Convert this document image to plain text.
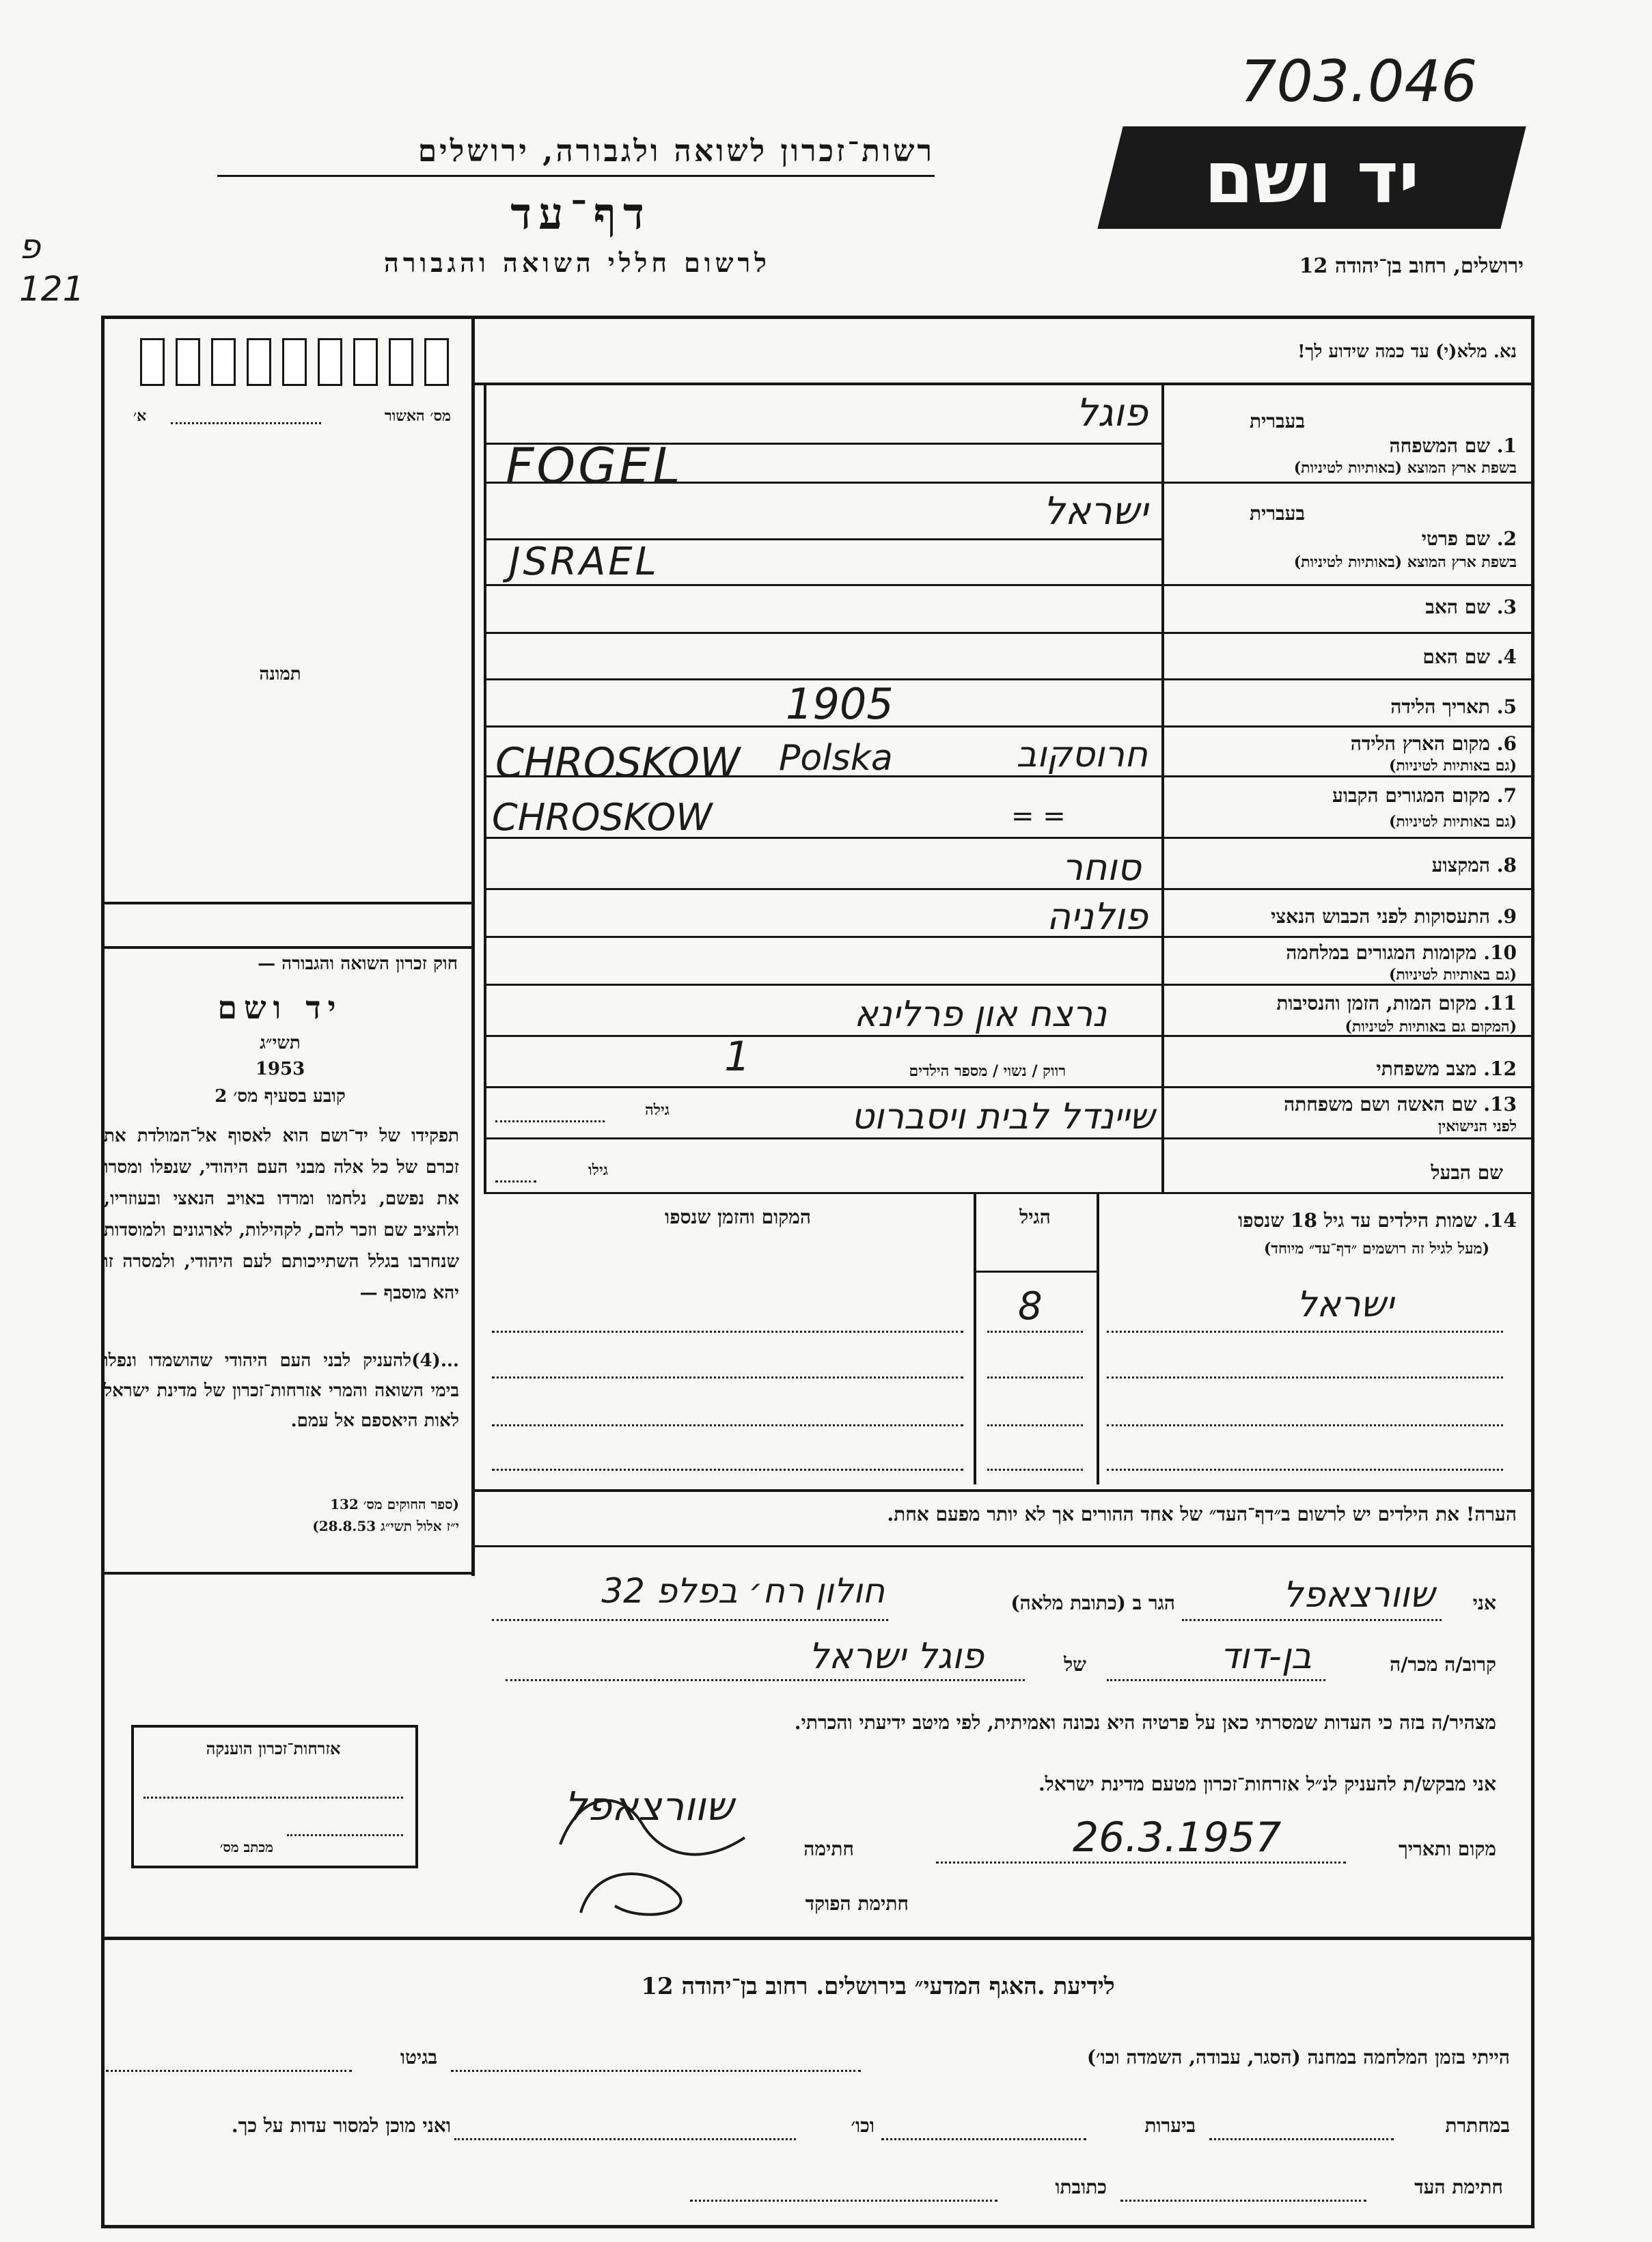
703.046
פ
121
יד ושם
רשות־זכרון לשואה ולגבורה, ירושלים
דף־עד
לרשום חללי השואה והגבורה	ירושלים, רחוב בן־יהודה 12
מס׳ האשור
א׳
תמונה
חוק זכרון השואה והגבורה —
יד ושם
תשי״ג
1953
קובע בסעיף מס׳ 2
תפקידו של יד־ושם הוא לאסוף אל־המולדת את זכרם של כל אלה מבני העם היהודי, שנפלו ומסרו את נפשם, נלחמו ומרדו באויב הנאצי ובעוזריו, ולהציב שם וזכר להם, לקהילות, לארגונים ולמוסדות שנחרבו בגלל השתייכותם לעם היהודי, ולמסרה זו יהא מוסבף —
...(4)להעניק לבני העם היהודי שהושמדו ונפלו בימי השואה והמרי אזרחות־זכרון של מדינת ישראל לאות היאספם אל עמם.
(ספר החוקים מס׳ 132
י״ז אלול תשי״ג 28.8.53)
אזרחות־זכרון הוענקה
מכתב מס׳
נא. מלא(י) עד כמה שידוע לך!
בעברית
1. שם המשפחה
בשפת ארץ המוצא (באותיות לטיניות)
פוגל
FOGEL
בעברית
2. שם פרטי
בשפת ארץ המוצא (באותיות לטיניות)
ישראל
JSRAEL
3. שם האב
4. שם האם
5. תאריך הלידה
1905
6. מקום הארץ הלידה
(גם באותיות לטיניות)
חרוסקוב
Polska
CHROSKOW
7. מקום המגורים הקבוע
(גם באותיות לטיניות)
CHROSKOW	= =
8. המקצוע
סוחר
9. התעסוקות לפני הכבוש הנאצי
פולניה
10. מקומות המגורים במלחמה
(גם באותיות לטיניות)
11. מקום המות, הזמן והנסיבות
(המקום גם באותיות לטיניות)
נרצח און פרלינא
12. מצב משפחתי
רווק / נשוי / מספר הילדים
1
13. שם האשה ושם משפחתה
לפני הנישואין
שיינדל לבית ויסברוט
גילה
שם הבעל
גילו
14. שמות הילדים עד גיל 18 שנספו
(מעל לגיל זה רושמים ״דף־עד״ מיוחד)
הגיל
המקום והזמן שנספו
ישראל
8
הערה! את הילדים יש לרשום ב״דף־העד״ של אחד ההורים אך לא יותר מפעם אחת.
אני
שוורצאפל
הגר ב (כתובת מלאה)
חולון רח׳ בפלפ 32
קרוב/ה מכר/ה
בן-דוד
של
פוגל ישראל
מצהיר/ה בזה כי העדות שמסרתי כאן על פרטיה היא נכונה ואמיתית, לפי מיטב ידיעתי והכרתי.
אני מבקש/ת להעניק לנ״ל אזרחות־זכרון מטעם מדינת ישראל.
מקום ותאריך
26.3.1957
חתימה
שוורצאפל
חתימת הפוקד
לידיעת .האגף המדעי״ בירושלים. רחוב בן־יהודה 12
הייתי בזמן המלחמה במחנה (הסגר, עבודה, השמדה וכו׳)
בגיטו
במחתרת
ביערות
וכו׳
ואני מוכן למסור עדות על כך.
חתימת העד
כתובתו
